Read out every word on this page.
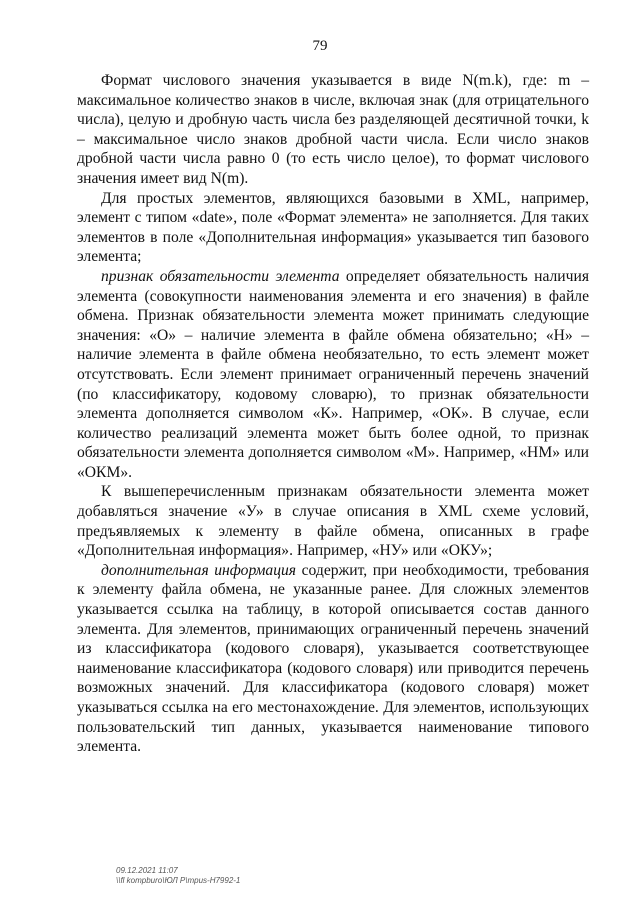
79

Формат числового значения указывается в виде N(m.k), где: m – максимальное количество знаков в числе, включая знак (для отрицательного числа), целую и дробную часть числа без разделяющей десятичной точки, k – максимальное число знаков дробной части числа. Если число знаков дробной части числа равно 0 (то есть число целое), то формат числового значения имеет вид N(m).

Для простых элементов, являющихся базовыми в XML, например, элемент с типом «date», поле «Формат элемента» не заполняется. Для таких элементов в поле «Дополнительная информация» указывается тип базового элемента;

признак обязательности элемента определяет обязательность наличия элемента (совокупности наименования элемента и его значения) в файле обмена. Признак обязательности элемента может принимать следующие значения: «О» – наличие элемента в файле обмена обязательно; «Н» – наличие элемента в файле обмена необязательно, то есть элемент может отсутствовать. Если элемент принимает ограниченный перечень значений (по классификатору, кодовому словарю), то признак обязательности элемента дополняется символом «К». Например, «ОК». В случае, если количество реализаций элемента может быть более одной, то признак обязательности элемента дополняется символом «М». Например, «НМ» или «ОКМ».

К вышеперечисленным признакам обязательности элемента может добавляться значение «У» в случае описания в XML схеме условий, предъявляемых к элементу в файле обмена, описанных в графе «Дополнительная информация». Например, «НУ» или «ОКУ»;

дополнительная информация содержит, при необходимости, требования к элементу файла обмена, не указанные ранее. Для сложных элементов указывается ссылка на таблицу, в которой описывается состав данного элемента. Для элементов, принимающих ограниченный перечень значений из классификатора (кодового словаря), указывается соответствующее наименование классификатора (кодового словаря) или приводится перечень возможных значений. Для классификатора (кодового словаря) может указываться ссылка на его местонахождение. Для элементов, использующих пользовательский тип данных, указывается наименование типового элемента.

09.12.2021 11:07
\\fl kompburo\ЮЛ Р\mpus-Н7992-1
